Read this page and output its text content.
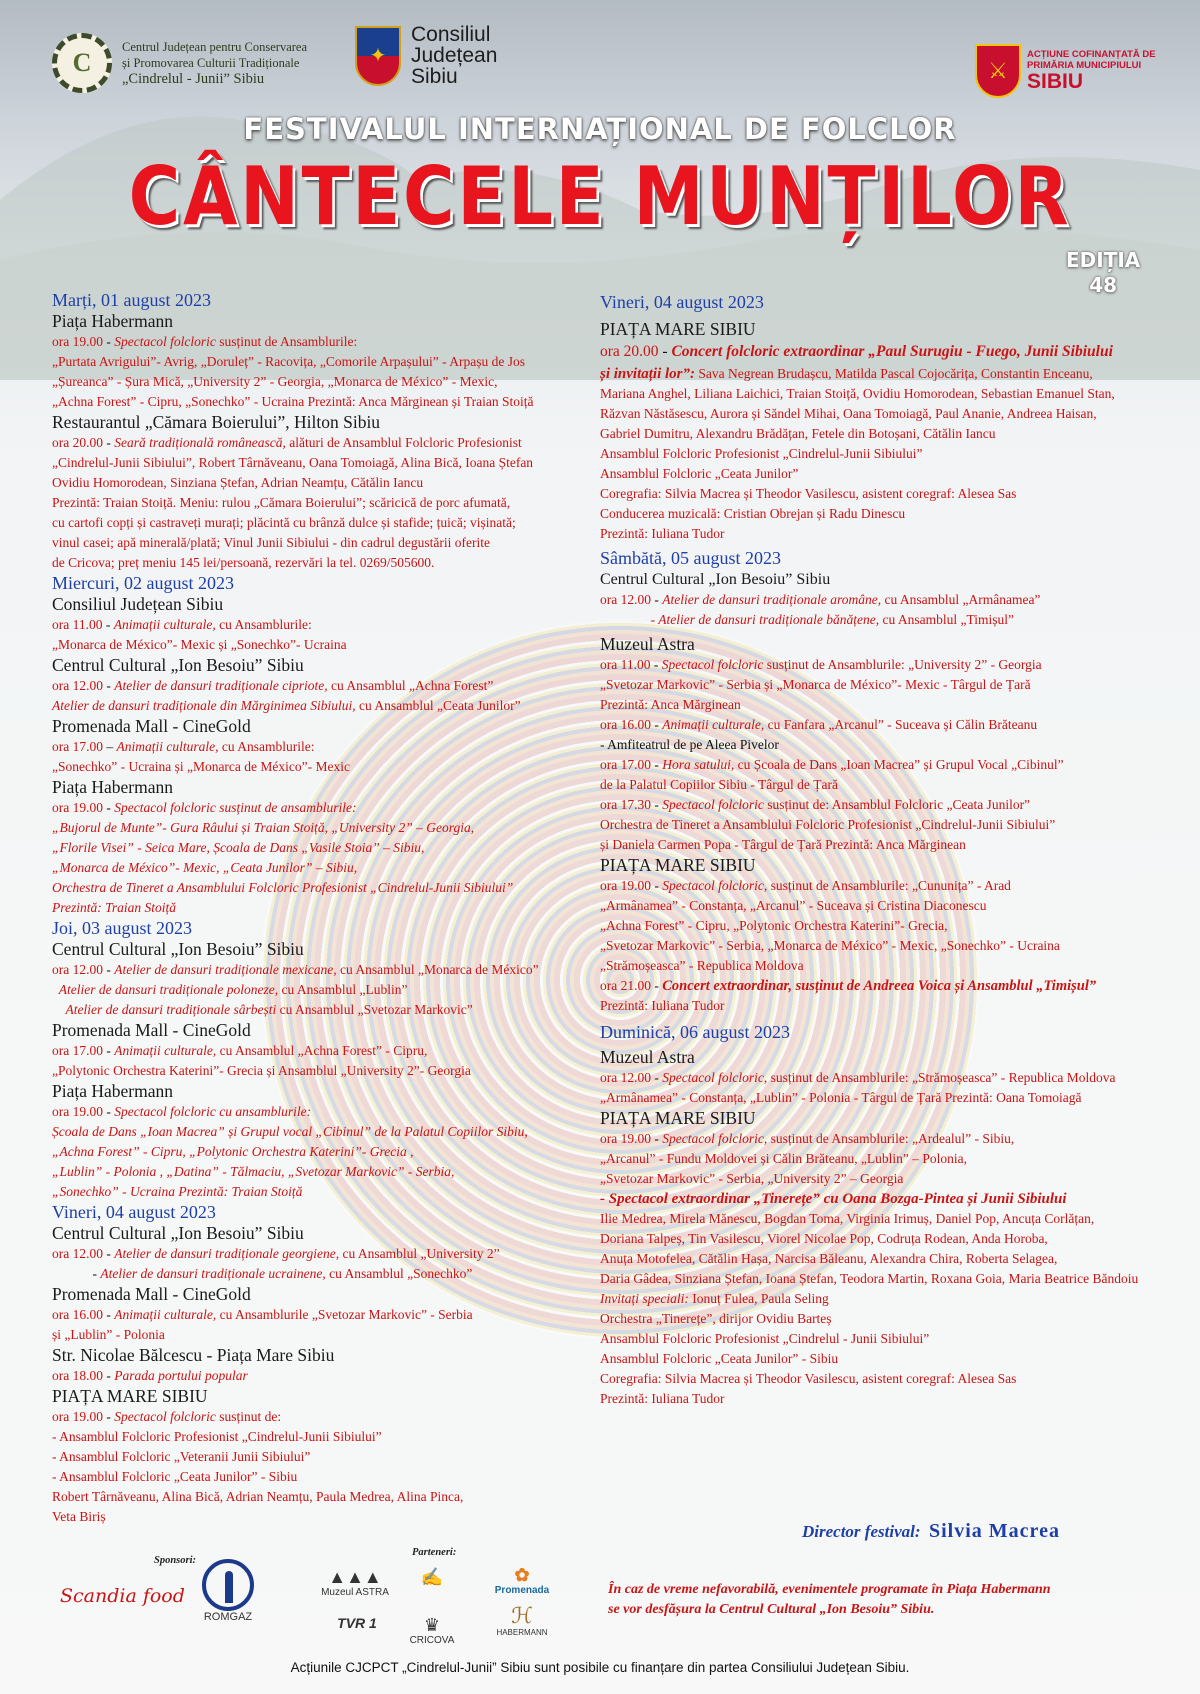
C
Centrul Județean pentru Conservarea
și Promovarea Culturii Tradiționale
„Cindrelul - Junii” Sibiu
✦
Consiliul
Județean
Sibiu	⚔
ACȚIUNE COFINANȚATĂ DE
PRIMĂRIA MUNICIPIULUI
SIBIU
FESTIVALUL INTERNAȚIONAL DE FOLCLOR
CÂNTECELE MUNȚILOR
EDIȚIA
48
Marți, 01 august 2023
Piața Habermann
ora 19.00 - Spectacol folcloric susținut de Ansamblurile:
„Purtata Avrigului”- Avrig, „Dorulețˮ - Racovița, „Comorile Arpașului” - Arpașu de Jos
„Șureanca” - Șura Mică, „University 2” - Georgia, „Monarca de México” - Mexic,
„Achna Forest” - Cipru, „Sonechko” - Ucraina Prezintă: Anca Mărginean și Traian Stoiță
Restaurantul „Cămara Boierului”, Hilton Sibiu
ora 20.00 - Seară tradițională românească, alături de Ansamblul Folcloric Profesionist
„Cindrelul-Junii Sibiului”, Robert Târnăveanu, Oana Tomoiagă, Alina Bică, Ioana Ștefan
Ovidiu Homorodean, Sinziana Ștefan, Adrian Neamțu, Cătălin Iancu
Prezintă: Traian Stoiță. Meniu: rulou „Cămara Boierului”; scăricică de porc afumată,
cu cartofi copți și castraveți murați; plăcintă cu brânză dulce și stafide; țuică; vișinată;
vinul casei; apă minerală/plată; Vinul Junii Sibiului - din cadrul degustării oferite
de Cricova; preț meniu 145 lei/persoană, rezervări la tel. 0269/505600.
Miercuri, 02 august 2023
Consiliul Județean Sibiu
ora 11.00 - Animații culturale, cu Ansamblurile:
„Monarca de México”- Mexic și „Sonechko”- Ucraina
Centrul Cultural „Ion Besoiu” Sibiu
ora 12.00 - Atelier de dansuri tradiționale cipriote, cu Ansamblul „Achna Forest”
Atelier de dansuri tradiționale din Mărginimea Sibiului, cu Ansamblul „Ceata Junilor”
Promenada Mall - CineGold
ora 17.00 – Animații culturale, cu Ansamblurile:
„Sonechko” - Ucraina și „Monarca de México”- Mexic
Piața Habermann
ora 19.00 - Spectacol folcloric susținut de ansamblurile:
„Bujorul de Munte”- Gura Râului și Traian Stoiță, „University 2” – Georgia,
„Florile Visei” - Seica Mare, Școala de Dans „Vasile Stoia” – Sibiu,
„Monarca de México”- Mexic, „Ceata Junilor” – Sibiu,
Orchestra de Tineret a Ansamblului Folcloric Profesionist „Cindrelul-Junii Sibiului”
Prezintă: Traian Stoiță
Joi, 03 august 2023
Centrul Cultural „Ion Besoiu” Sibiu
ora 12.00 - Atelier de dansuri tradiționale mexicane, cu Ansamblul „Monarca de México”
Atelier de dansuri tradiționale poloneze, cu Ansamblul „Lublin”
Atelier de dansuri tradiționale sârbești cu Ansamblul „Svetozar Markovic”
Promenada Mall - CineGold
ora 17.00 - Animații culturale, cu Ansamblul „Achna Forest” - Cipru,
„Polytonic Orchestra Katerini”- Grecia și Ansamblul „University 2”- Georgia
Piața Habermann
ora 19.00 - Spectacol folcloric cu ansamblurile:
Școala de Dans „Ioan Macrea” și Grupul vocal „Cibinul” de la Palatul Copiilor Sibiu,
„Achna Forest” - Cipru, „Polytonic Orchestra Katerini”- Grecia ,
„Lublin” - Polonia , „Datina” - Tălmaciu, „Svetozar Markovic” - Serbia,
„Sonechko” - Ucraina Prezintă: Traian Stoiță
Vineri, 04 august 2023
Centrul Cultural „Ion Besoiu” Sibiu
ora 12.00 - Atelier de dansuri tradiționale georgiene, cu Ansamblul „University 2”
- Atelier de dansuri tradiționale ucrainene, cu Ansamblul „Sonechko”
Promenada Mall - CineGold
ora 16.00 - Animații culturale, cu Ansamblurile „Svetozar Markovic” - Serbia
și „Lublin” - Polonia
Str. Nicolae Bălcescu - Piața Mare Sibiu
ora 18.00 - Parada portului popular
PIAȚA MARE SIBIU
ora 19.00 - Spectacol folcloric susținut de:
- Ansamblul Folcloric Profesionist „Cindrelul-Junii Sibiului”
- Ansamblul Folcloric „Veteranii Junii Sibiului”
- Ansamblul Folcloric „Ceata Junilor” - Sibiu
Robert Târnăveanu, Alina Bică, Adrian Neamțu, Paula Medrea, Alina Pinca,
Veta Biriș
Vineri, 04 august 2023
PIAȚA MARE SIBIU
ora 20.00 - Concert folcloric extraordinar „Paul Surugiu - Fuego, Junii Sibiului
și invitații lor”: Sava Negrean Brudașcu, Matilda Pascal Cojocărița, Constantin Enceanu,
Mariana Anghel, Liliana Laichici, Traian Stoiță, Ovidiu Homorodean, Sebastian Emanuel Stan,
Răzvan Năstăsescu, Aurora și Săndel Mihai, Oana Tomoiagă, Paul Ananie, Andreea Haisan,
Gabriel Dumitru, Alexandru Brădățan, Fetele din Botoșani, Cătălin Iancu
Ansamblul Folcloric Profesionist „Cindrelul-Junii Sibiului”
Ansamblul Folcloric „Ceata Junilor”
Coregrafia: Silvia Macrea și Theodor Vasilescu, asistent coregraf: Alesea Sas
Conducerea muzicală: Cristian Obrejan și Radu Dinescu
Prezintă: Iuliana Tudor
Sâmbătă, 05 august 2023
Centrul Cultural „Ion Besoiu” Sibiu
ora 12.00 - Atelier de dansuri tradiționale aromâne, cu Ansamblul „Armânamea”
- Atelier de dansuri tradiționale bănățene, cu Ansamblul „Timișul”
Muzeul Astra
ora 11.00 - Spectacol folcloric susținut de Ansamblurile: „University 2” - Georgia
„Svetozar Markovic” - Serbia și „Monarca de México”- Mexic - Târgul de Țară
Prezintă: Anca Mărginean
ora 16.00 - Animații culturale, cu Fanfara „Arcanul” - Suceava și Călin Brăteanu
- Amfiteatrul de pe Aleea Pivelor
ora 17.00 - Hora satului, cu Școala de Dans „Ioan Macrea” și Grupul Vocal „Cibinul”
de la Palatul Copiilor Sibiu - Târgul de Țară
ora 17.30 - Spectacol folcloric susținut de: Ansamblul Folcloric „Ceata Junilor”
Orchestra de Tineret a Ansamblului Folcloric Profesionist „Cindrelul-Junii Sibiului”
și Daniela Carmen Popa - Târgul de Țară Prezintă: Anca Mărginean
PIAȚA MARE SIBIU
ora 19.00 - Spectacol folcloric, susținut de Ansamblurile: „Cununița” - Arad
„Armânamea” - Constanța, „Arcanul” - Suceava și Cristina Diaconescu
„Achna Forest” - Cipru, „Polytonic Orchestra Katerini”- Grecia,
„Svetozar Markovic” - Serbia, „Monarca de México” - Mexic, „Sonechko” - Ucraina
„Strămoșeasca” - Republica Moldova
ora 21.00 - Concert extraordinar, susținut de Andreea Voica și Ansamblul „Timișul”
Prezintă: Iuliana Tudor
Duminică, 06 august 2023
Muzeul Astra
ora 12.00 - Spectacol folcloric, susținut de Ansamblurile: „Strămoșeasca” - Republica Moldova
„Armânamea” - Constanța, „Lublin” - Polonia - Târgul de Țară Prezintă: Oana Tomoiagă
PIAȚA MARE SIBIU
ora 19.00 - Spectacol folcloric, susținut de Ansamblurile: „Ardealul” - Sibiu,
„Arcanul” - Fundu Moldovei și Călin Brăteanu, „Lublin” – Polonia,
„Svetozar Markovic” - Serbia, „University 2” – Georgia
- Spectacol extraordinar „Tinerețe” cu Oana Bozga-Pintea și Junii Sibiului
Ilie Medrea, Mirela Mănescu, Bogdan Toma, Virginia Irimuș, Daniel Pop, Ancuța Corlățan,
Doriana Talpeș, Tin Vasilescu, Viorel Nicolae Pop, Codruța Rodean, Anda Horoba,
Anuța Motofelea, Cătălin Hașa, Narcisa Băleanu, Alexandra Chira, Roberta Selagea,
Daria Gâdea, Sinziana Ștefan, Ioana Ștefan, Teodora Martin, Roxana Goia, Maria Beatrice Băndoiu
Invitați speciali: Ionuț Fulea, Paula Seling
Orchestra „Tinerețe”, dirijor Ovidiu Barteș
Ansamblul Folcloric Profesionist „Cindrelul - Junii Sibiului”
Ansamblul Folcloric „Ceata Junilor” - Sibiu
Coregrafia: Silvia Macrea și Theodor Vasilescu, asistent coregraf: Alesea Sas
Prezintă: Iuliana Tudor
Director festival: Silvia Macrea
În caz de vreme nefavorabilă, evenimentele programate în Piața Habermann
se vor desfășura la Centrul Cultural „Ion Besoiu” Sibiu.
Sponsori:
Parteneri:
Scandia food
ROMGAZ
▲▲▲
Muzeul ASTRA
TVR 1
✍
♛
CRICOVA
✿
Promenada
ℋ
HABERMANN
Acțiunile CJCPCT „Cindrelul-Junii” Sibiu sunt posibile cu finanțare din partea Consiliului Județean Sibiu.
